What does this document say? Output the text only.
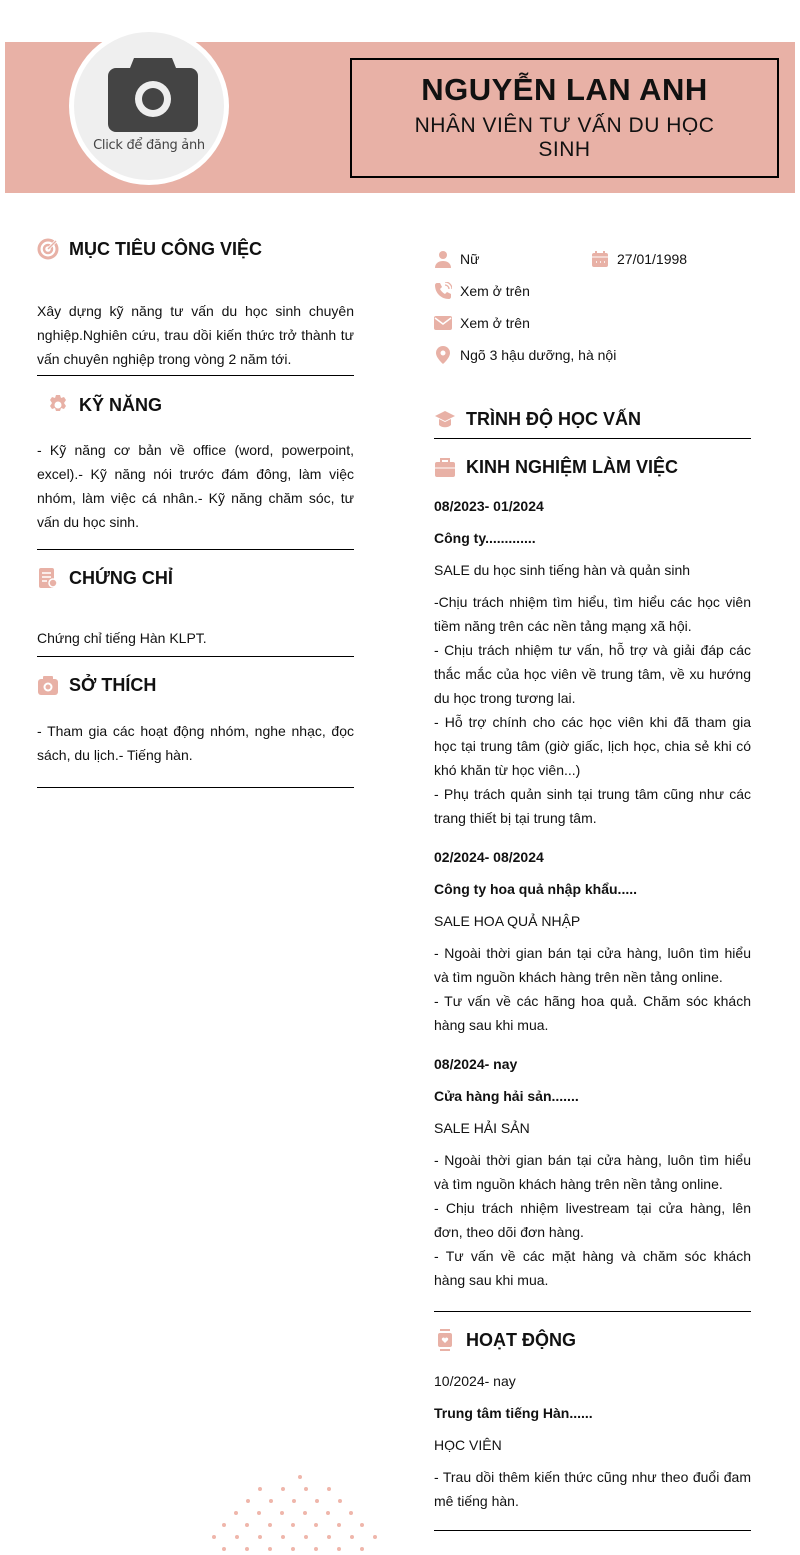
Click để đăng ảnh
NGUYỄN LAN ANH
NHÂN VIÊN TƯ VẤN DU HỌC SINH
MỤC TIÊU CÔNG VIỆC
Xây dựng kỹ năng tư vấn du học sinh chuyên nghiệp.Nghiên cứu, trau dồi kiến thức trở thành tư vấn chuyên nghiệp trong vòng 2 năm tới.
KỸ NĂNG
- Kỹ năng cơ bản về office (word, powerpoint, excel).- Kỹ năng nói trước đám đông, làm việc nhóm, làm việc cá nhân.- Kỹ năng chăm sóc, tư vấn du học sinh.
CHỨNG CHỈ
Chứng chỉ tiếng Hàn KLPT.
SỞ THÍCH
- Tham gia các hoạt động nhóm, nghe nhạc, đọc sách, du lịch.- Tiếng hàn.
Nữ	27/01/1998
Xem ở trên
Xem ở trên
Ngõ 3 hậu dưỡng, hà nội
TRÌNH ĐỘ HỌC VẤN
KINH NGHIỆM LÀM VIỆC
08/2023- 01/2024
Công ty.............
SALE du học sinh tiếng hàn và quản sinh
-Chịu trách nhiệm tìm hiểu, tìm hiểu các học viên tiềm năng trên các nền tảng mạng xã hội.
- Chịu trách nhiệm tư vấn, hỗ trợ và giải đáp các thắc mắc của học viên về trung tâm, về xu hướng du học trong tương lai.
- Hỗ trợ chính cho các học viên khi đã tham gia học tại trung tâm (giờ giấc, lịch học, chia sẻ khi có khó khăn từ học viên...)
- Phụ trách quản sinh tại trung tâm cũng như các trang thiết bị tại trung tâm.
02/2024- 08/2024
Công ty hoa quả nhập khẩu.....
SALE HOA QUẢ NHẬP
- Ngoài thời gian bán tại cửa hàng, luôn tìm hiểu và tìm nguồn khách hàng trên nền tảng online.
- Tư vấn về các hãng hoa quả. Chăm sóc khách hàng sau khi mua.
08/2024- nay
Cửa hàng hải sản.......
SALE HẢI SẢN
- Ngoài thời gian bán tại cửa hàng, luôn tìm hiểu và tìm nguồn khách hàng trên nền tảng online.
- Chịu trách nhiệm livestream tại cửa hàng, lên đơn, theo dõi đơn hàng.
- Tư vấn về các mặt hàng và chăm sóc khách hàng sau khi mua.
HOẠT ĐỘNG
10/2024- nay
Trung tâm tiếng Hàn......
HỌC VIÊN
- Trau dồi thêm kiến thức cũng như theo đuổi đam mê tiếng hàn.
